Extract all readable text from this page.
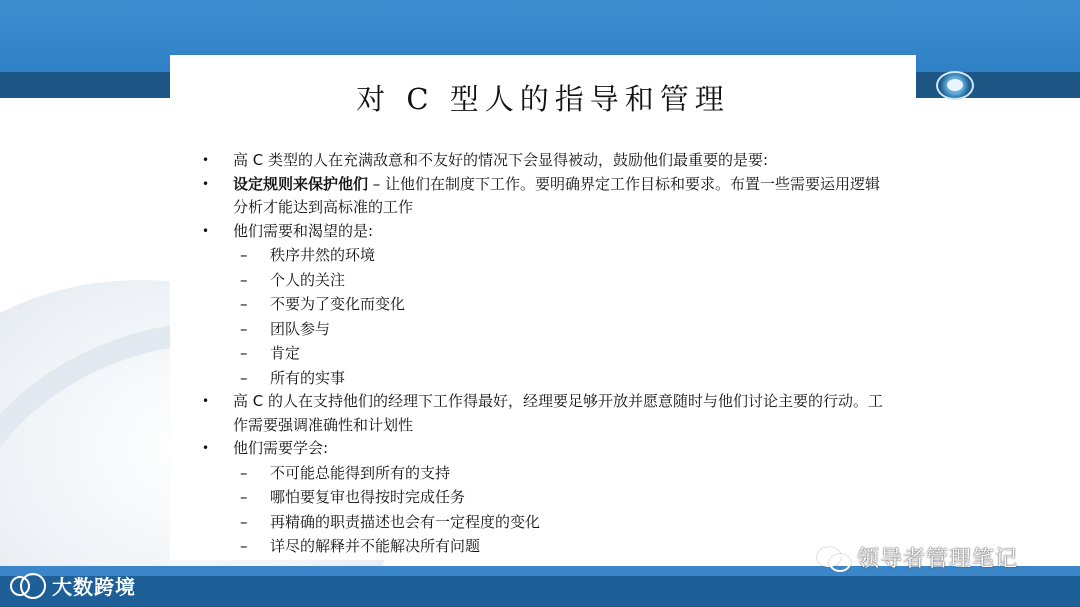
对 C 型人的指导和管理
• 高 C 类型的人在充满敌意和不友好的情况下会显得被动，鼓励他们最重要的是要:
• 设定规则来保护他们 – 让他们在制度下工作。要明确界定工作目标和要求。布置一些需要运用逻辑分析才能达到高标准的工作
• 他们需要和渴望的是:
– 秩序井然的环境
– 个人的关注
– 不要为了变化而变化
– 团队参与
– 肯定
– 所有的实事
• 高 C 的人在支持他们的经理下工作得最好，经理要足够开放并愿意随时与他们讨论主要的行动。工作需要强调准确性和计划性
• 他们需要学会:
– 不可能总能得到所有的支持
– 哪怕要复审也得按时完成任务
– 再精确的职责描述也会有一定程度的变化
– 详尽的解释并不能解决所有问题
大数跨境
领导者管理笔记
